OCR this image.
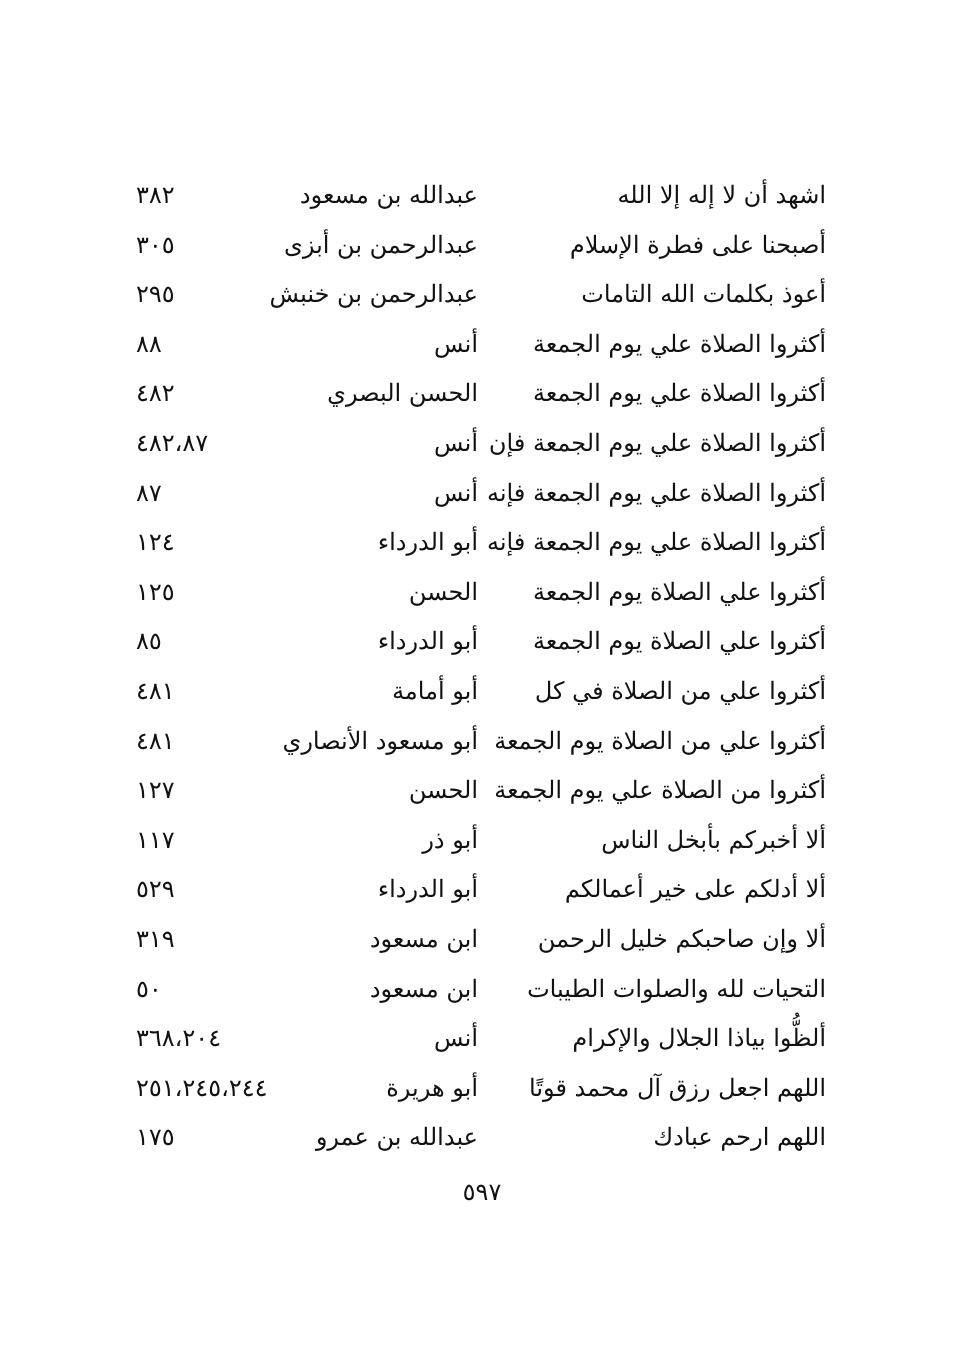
اشهد أن لا إله إلا الله
عبدالله بن مسعود
٣٨٢
أصبحنا على فطرة الإسلام
عبدالرحمن بن أبزى
٣٠٥
أعوذ بكلمات الله التامات
عبدالرحمن بن خنبش
٢٩٥
أكثروا الصلاة علي يوم الجمعة
أنس
٨٨
أكثروا الصلاة علي يوم الجمعة
الحسن البصري
٤٨٢
أكثروا الصلاة علي يوم الجمعة فإن
أنس
٤٨٢،٨٧
أكثروا الصلاة علي يوم الجمعة فإنه
أنس
٨٧
أكثروا الصلاة علي يوم الجمعة فإنه
أبو الدرداء
١٢٤
أكثروا علي الصلاة يوم الجمعة
الحسن
١٢٥
أكثروا علي الصلاة يوم الجمعة
أبو الدرداء
٨٥
أكثروا علي من الصلاة في كل
أبو أمامة
٤٨١
أكثروا علي من الصلاة يوم الجمعة
أبو مسعود الأنصاري
٤٨١
أكثروا من الصلاة علي يوم الجمعة
الحسن
١٢٧
ألا أخبركم بأبخل الناس
أبو ذر
١١٧
ألا أدلكم على خير أعمالكم
أبو الدرداء
٥٢٩
ألا وإن صاحبكم خليل الرحمن
ابن مسعود
٣١٩
التحيات لله والصلوات الطيبات
ابن مسعود
٥٠
ألظُّوا بياذا الجلال والإكرام
أنس
٣٦٨،٢٠٤
اللهم اجعل رزق آل محمد قوتًا
أبو هريرة
٢٥١،٢٤٥،٢٤٤
اللهم ارحم عبادك
عبدالله بن عمرو
١٧٥
٥٩٧
